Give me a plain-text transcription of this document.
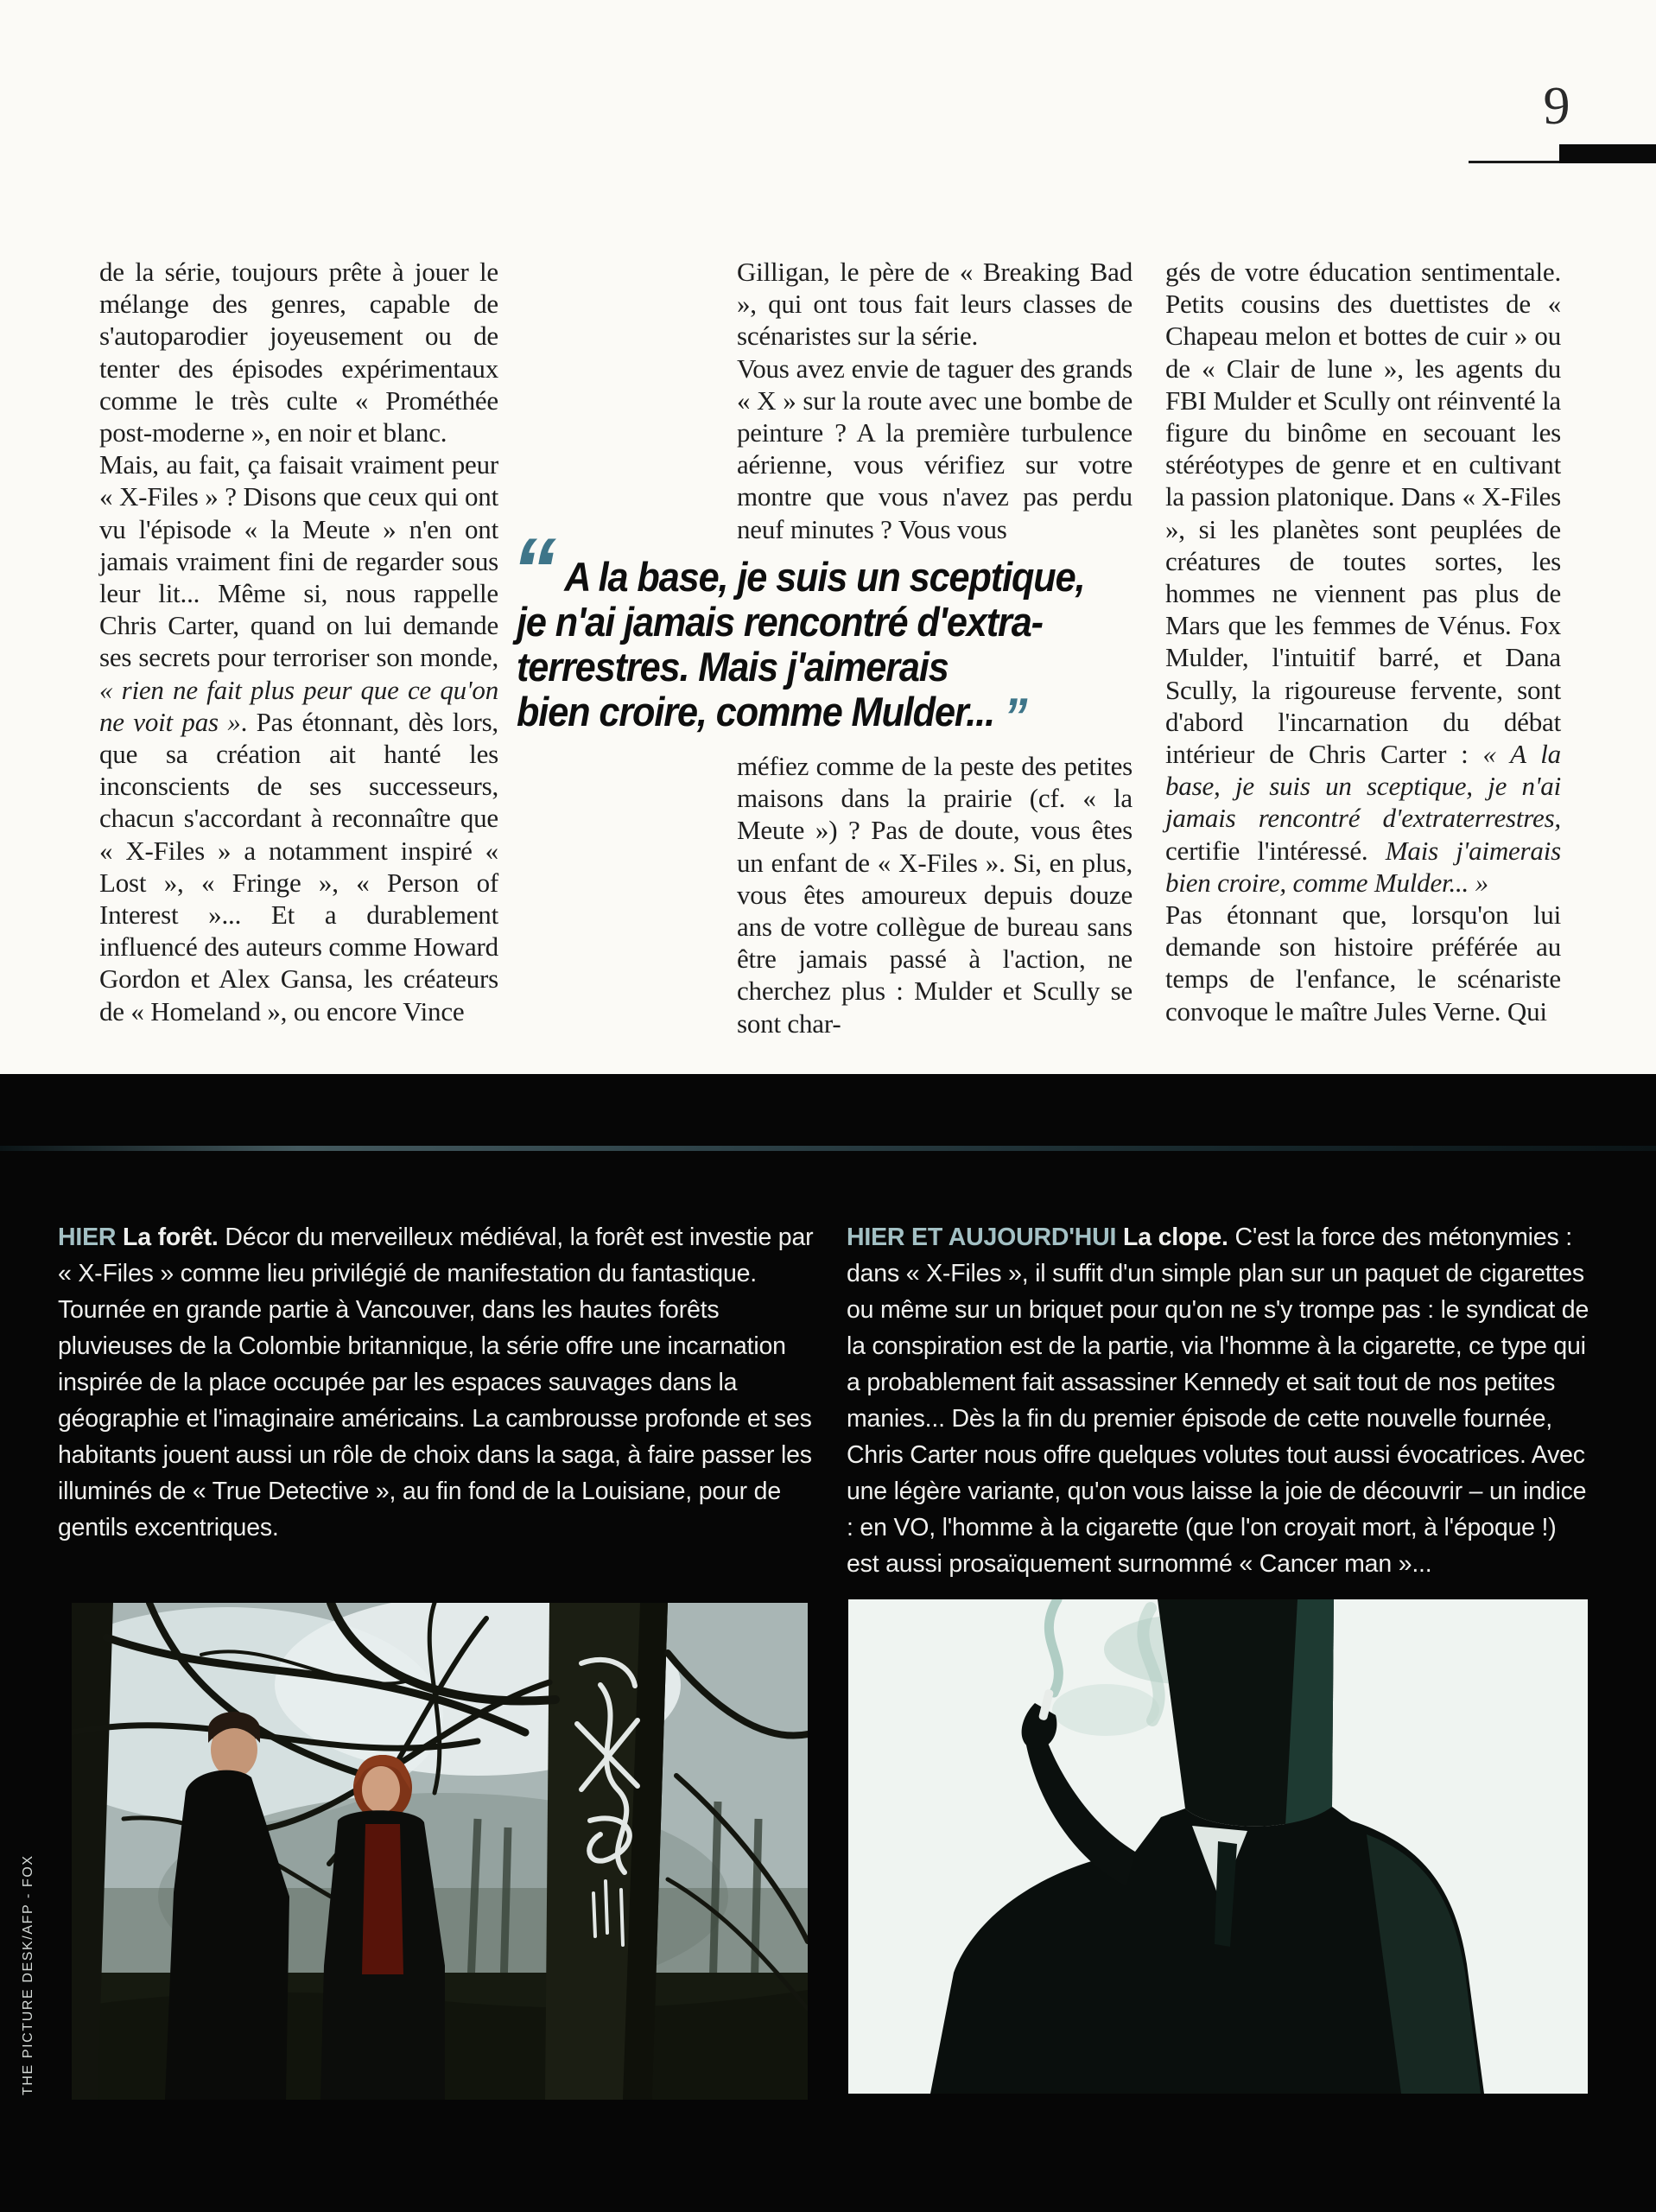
9
de la série, toujours prête à jouer le mélange des genres, capable de s'autoparodier joyeusement ou de tenter des épisodes expérimentaux comme le très culte « Prométhée post-moderne », en noir et blanc.
Mais, au fait, ça faisait vraiment peur « X-Files » ? Disons que ceux qui ont vu l'épisode « la Meute » n'en ont jamais vraiment fini de regarder sous leur lit... Même si, nous rappelle Chris Carter, quand on lui demande ses secrets pour terroriser son monde, « rien ne fait plus peur que ce qu'on ne voit pas ». Pas étonnant, dès lors, que sa création ait hanté les inconscients de ses successeurs, chacun s'accordant à reconnaître que « X-Files » a notamment inspiré « Lost », « Fringe », « Person of Interest »... Et a durablement influencé des auteurs comme Howard Gordon et Alex Gansa, les créateurs de « Homeland », ou encore Vince
Gilligan, le père de « Breaking Bad », qui ont tous fait leurs classes de scénaristes sur la série.
Vous avez envie de taguer des grands « X » sur la route avec une bombe de peinture ? A la première turbulence aérienne, vous vérifiez sur votre montre que vous n'avez pas perdu neuf minutes ? Vous vous
méfiez comme de la peste des petites maisons dans la prairie (cf. « la Meute ») ? Pas de doute, vous êtes un enfant de « X-Files ». Si, en plus, vous êtes amoureux depuis douze ans de votre collègue de bureau sans être jamais passé à l'action, ne cherchez plus : Mulder et Scully se sont char-
gés de votre éducation sentimentale. Petits cousins des duettistes de « Chapeau melon et bottes de cuir » ou de « Clair de lune », les agents du FBI Mulder et Scully ont réinventé la figure du binôme en secouant les stéréotypes de genre et en cultivant la passion platonique. Dans « X-Files », si les planètes sont peuplées de créatures de toutes sortes, les hommes ne viennent pas plus de Mars que les femmes de Vénus. Fox Mulder, l'intuitif barré, et Dana Scully, la rigoureuse fervente, sont d'abord l'incarnation du débat intérieur de Chris Carter : « A la base, je suis un sceptique, je n'ai jamais rencontré d'extraterrestres, certifie l'intéressé. Mais j'aimerais bien croire, comme Mulder... »
Pas étonnant que, lorsqu'on lui demande son histoire préférée au temps de l'enfance, le scénariste convoque le maître Jules Verne. Qui
“ A la base, je suis un sceptique,
je n'ai jamais rencontré d'extra-
terrestres. Mais j'aimerais
bien croire, comme Mulder... ”
HIER La forêt. Décor du merveilleux médiéval, la forêt est investie par « X-Files » comme lieu privilégié de manifestation du fantastique. Tournée en grande partie à Vancouver, dans les hautes forêts pluvieuses de la Colombie britannique, la série offre une incarnation inspirée de la place occupée par les espaces sauvages dans la géographie et l'imaginaire américains. La cambrousse profonde et ses habitants jouent aussi un rôle de choix dans la saga, à faire passer les illuminés de « True Detective », au fin fond de la Louisiane, pour de gentils excentriques.
HIER ET AUJOURD'HUI La clope. C'est la force des métonymies : dans « X-Files », il suffit d'un simple plan sur un paquet de cigarettes ou même sur un briquet pour qu'on ne s'y trompe pas : le syndicat de la conspiration est de la partie, via l'homme à la cigarette, ce type qui a probablement fait assassiner Kennedy et sait tout de nos petites manies... Dès la fin du premier épisode de cette nouvelle fournée, Chris Carter nous offre quelques volutes tout aussi évocatrices. Avec une légère variante, qu'on vous laisse la joie de découvrir – un indice : en VO, l'homme à la cigarette (que l'on croyait mort, à l'époque !) est aussi prosaïquement surnommé « Cancer man »...
THE PICTURE DESK/AFP - FOX
